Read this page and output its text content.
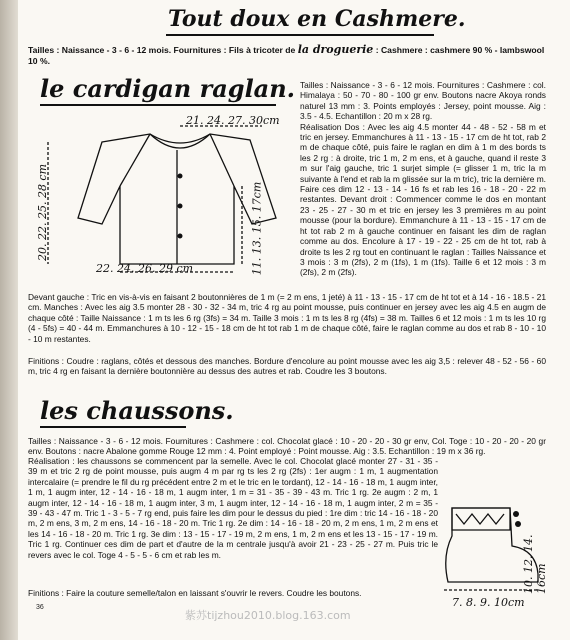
Tout doux en Cashmere.
Tailles : Naissance - 3 - 6 - 12 mois. Fournitures : Fils à tricoter de la droguerie : Cashmere : cashmere 90 % - lambswool 10 %.
le cardigan raglan.
21. 24. 27. 30cm
20. 22. 25. 28 cm
22. 24. 26. 29 cm	11. 13. 15. 17cm
Tailles : Naissance - 3 - 6 - 12 mois. Fournitures : Cashmere : col. Himalaya : 50 - 70 - 80 - 100 gr env. Boutons nacre Akoya ronds naturel 13 mm : 3. Points employés : Jersey, point mousse. Aig : 3.5 - 4.5. Echantillon : 20 m x 28 rg.
Réalisation Dos : Avec les aig 4.5 monter 44 - 48 - 52 - 58 m et tric en jersey. Emmanchures à 11 - 13 - 15 - 17 cm de ht tot, rab 2 m de chaque côté, puis faire le raglan en dim à 1 m des bords ts les 2 rg : à droite, tric 1 m, 2 m ens, et à gauche, quand il reste 3 m sur l'aig gauche, tric 1 surjet simple (= glisser 1 m, tric la m suivante à l'end et rab la m glissée sur la m tric), tric la dernière m. Faire ces dim 12 - 13 - 14 - 16 fs et rab les 16 - 18 - 20 - 22 m restantes. Devant droit : Commencer comme le dos en montant 23 - 25 - 27 - 30 m et tric en jersey les 3 premières m au point mousse (pour la bordure). Emmanchure à 11 - 13 - 15 - 17 cm de ht tot rab 2 m à gauche continuer en faisant les dim de raglan comme au dos. Encolure à 17 - 19 - 22 - 25 cm de ht tot, rab à droite ts les 2 rg tout en continuant le raglan : Tailles Naissance et 3 mois : 3 m (2fs), 2 m (1fs), 1 m (1fs). Taille 6 et 12 mois : 3 m (2fs), 2 m (2fs).
Devant gauche : Tric en vis-à-vis en faisant 2 boutonnières de 1 m (= 2 m ens, 1 jeté) à 11 - 13 - 15 - 17 cm de ht tot et à 14 - 16 - 18.5 - 21 cm. Manches : Avec les aig 3.5 monter 28 - 30 - 32 - 34 m, tric 4 rg au point mousse, puis continuer en jersey avec les aig 4.5 en augm de chaque côté : Taille Naissance : 1 m ts les 6 rg (3fs) = 34 m. Taille 3 mois : 1 m ts les 8 rg (4fs) = 38 m. Tailles 6 et 12 mois : 1 m ts les 10 rg (4 - 5fs) = 40 - 44 m. Emmanchures à 10 - 12 - 15 - 18 cm de ht tot rab 1 m de chaque côté, faire le raglan comme au dos et rab 8 - 10 - 10 - 10 m restantes.
Finitions : Coudre : raglans, côtés et dessous des manches. Bordure d'encolure au point mousse avec les aig 3,5 : relever 48 - 52 - 56 - 60 m, tric 4 rg en faisant la dernière boutonnière au dessus des autres et rab. Coudre les 3 boutons.
les chaussons.
Tailles : Naissance - 3 - 6 - 12 mois. Fournitures : Cashmere : col. Chocolat glacé : 10 - 20 - 20 - 30 gr env, Col. Toge : 10 - 20 - 20 - 20 gr env. Boutons : nacre Abalone gomme Rouge 12 mm : 4. Point employé : Point mousse. Aig : 3.5. Echantillon : 19 m x 36 rg.
Réalisation : les chaussons se commencent par la semelle. Avec le col. Chocolat glacé monter 27 - 31 - 35 - 39 m et tric 2 rg de point mousse, puis augm 4 m par rg ts les 2 rg (2fs) : 1er augm : 1 m, 1 augmentation intercalaire (= prendre le fil du rg précédent entre 2 m et le tric en le tordant), 12 - 14 - 16 - 18 m, 1 augm inter, 1 m, 1 augm inter, 12 - 14 - 16 - 18 m, 1 augm inter, 1 m = 31 - 35 - 39 - 43 m. Tric 1 rg. 2e augm : 2 m, 1 augm inter, 12 - 14 - 16 - 18 m, 1 augm inter, 3 m, 1 augm inter, 12 - 14 - 16 - 18 m, 1 augm inter, 2 m = 35 - 39 - 43 - 47 m. Tric 1 - 3 - 5 - 7 rg end, puis faire les dim pour le dessus du pied : 1re dim : tric 14 - 16 - 18 - 20 m, 2 m ens, 3 m, 2 m ens, 14 - 16 - 18 - 20 m. Tric 1 rg. 2e dim : 14 - 16 - 18 - 20 m, 2 m ens, 1 m, 2 m ens et les 14 - 16 - 18 - 20 m. Tric 1 rg. 3e dim : 13 - 15 - 17 - 19 m, 2 m ens, 1 m, 2 m ens et les 13 - 15 - 17 - 19 m. Tric 1 rg. Continuer ces dim de part et d'autre de la m centrale jusqu'à avoir 21 - 23 - 25 - 27 m. Puis tric le revers avec le col. Toge 4 - 5 - 5 - 6 cm et rab les m.
Finitions : Faire la couture semelle/talon en laissant s'ouvrir le revers. Coudre les boutons.	10. 12. 14. 16cm
7. 8. 9. 10cm
36
紫苏tijzhou2010.blog.163.com
